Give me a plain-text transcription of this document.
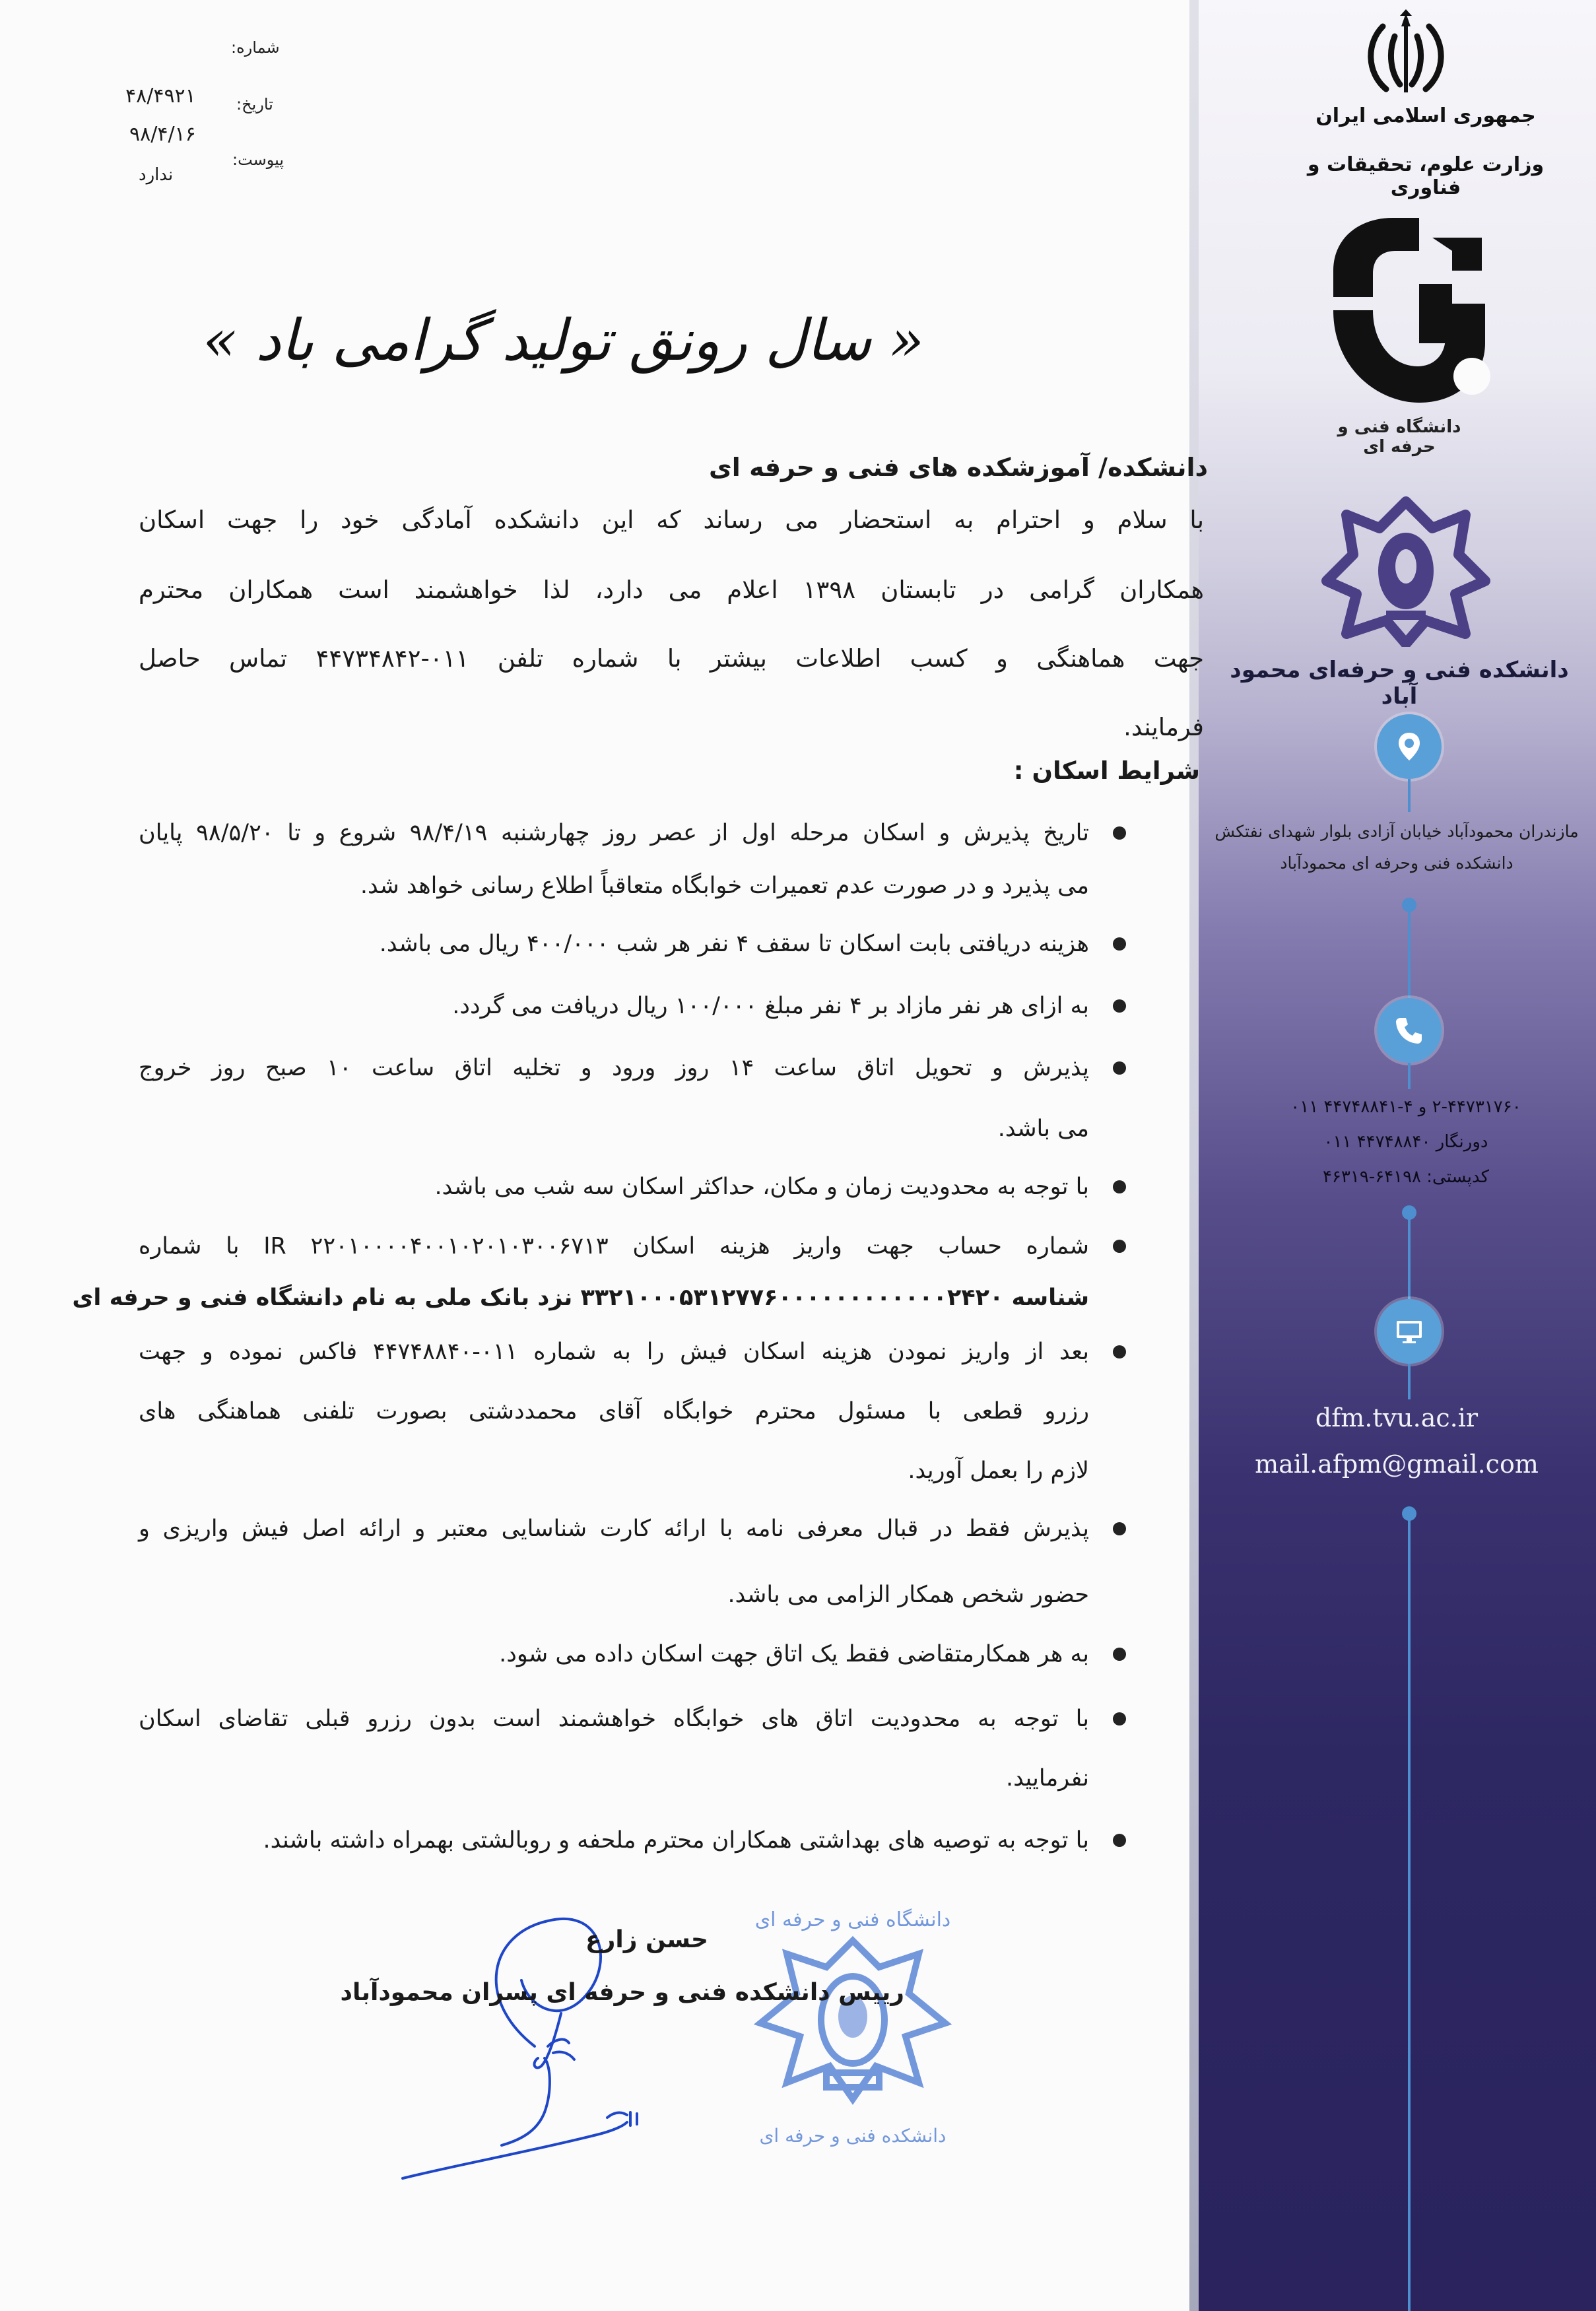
جمهوری اسلامی ایران
وزارت علوم، تحقیقات و فناوری
دانشگاه فنی و حرفه ای
دانشکده فنی و حرفه‌ای محمود آباد
مازندران محمودآباد خیابان آزادی بلوار شهدای نفتکش
دانشکده فنی وحرفه ای محمودآباد
۲-۴۴۷۳۱۷۶۰ و ۴-۴۴۷۴۸۸۴۱ ۰۱۱
دورنگار ۴۴۷۴۸۸۴۰ ۰۱۱
کدپستی: ۶۴۱۹۸-۴۶۳۱۹
dfm.tvu.ac.ir
mail.afpm@gmail.com
شماره:
تاریخ:
پیوست:
۴۸/۴۹۲۱
۹۸/۴/۱۶
ندارد
« سال رونق تولید گرامی باد »
دانشکده/ آموزشکده های فنی و حرفه ای
با سلام و احترام به استحضار می رساند که این دانشکده آمادگی خود را جهت اسکان
همکاران گرامی در تابستان ۱۳۹۸ اعلام می دارد، لذا خواهشمند است همکاران محترم
جهت هماهنگی و کسب اطلاعات بیشتر با شماره تلفن ۰۱۱-۴۴۷۳۴۸۴۲ تماس حاصل
فرمایند.
شرایط اسکان :
تاریخ پذیرش و اسکان مرحله اول از عصر روز چهارشنبه ۹۸/۴/۱۹ شروع و تا ۹۸/۵/۲۰ پایان
می پذیرد و در صورت عدم تعمیرات خوابگاه متعاقباً اطلاع رسانی خواهد شد.
هزینه دریافتی بابت اسکان تا سقف ۴ نفر هر شب ۴۰۰/۰۰۰ ریال می باشد.
به ازای هر نفر مازاد بر ۴ نفر مبلغ ۱۰۰/۰۰۰ ریال دریافت می گردد.
پذیرش و تحویل اتاق ساعت ۱۴ روز ورود و تخلیه اتاق ساعت ۱۰ صبح روز خروج
می باشد.
با توجه به محدودیت زمان و مکان، حداکثر اسکان سه شب می باشد.
شماره حساب جهت واریز هزینه اسکان IR ۲۲۰۱۰۰۰۰۴۰۰۱۰۲۰۱۰۳۰۰۶۷۱۳ با شماره
شناسه ۳۳۲۱۰۰۰۵۳۱۲۷۷۶۰۰۰۰۰۰۰۰۰۰۰۰۲۴۲۰ نزد بانک ملی به نام دانشگاه فنی و حرفه ای
بعد از واریز نمودن هزینه اسکان فیش را به شماره ۰۱۱-۴۴۷۴۸۸۴۰ فاکس نموده و جهت
رزرو قطعی با مسئول محترم خوابگاه آقای محمددشتی بصورت تلفنی هماهنگی های
لازم را بعمل آورید.
پذیرش فقط در قبال معرفی نامه با ارائه کارت شناسایی معتبر و ارائه اصل فیش واریزی و
حضور شخص همکار الزامی می باشد.
به هر همکارمتقاضی فقط یک اتاق جهت اسکان داده می شود.
با توجه به محدودیت اتاق های خوابگاه خواهشمند است بدون رزرو قبلی تقاضای اسکان
نفرمایید.
با توجه به توصیه های بهداشتی همکاران محترم ملحفه و روبالشتی بهمراه داشته باشند.
دانشگاه فنی و حرفه ای
دانشکده فنی و حرفه ای
حسن زارع
رییس دانشکده فنی و حرفه ای پسران محمودآباد
